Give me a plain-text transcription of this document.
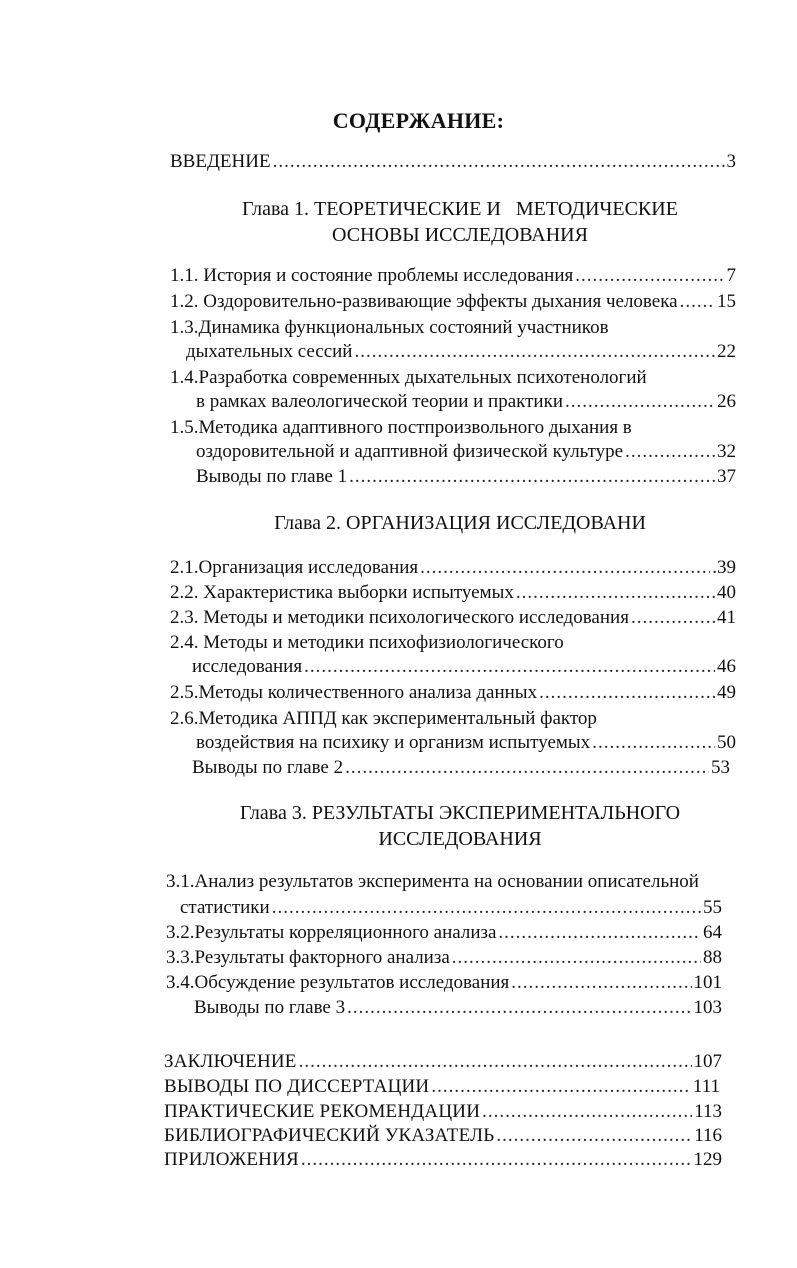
СОДЕРЖАНИЕ:
ВВЕДЕНИЕ .....	3
Глава 1. ТЕОРЕТИЧЕСКИЕ И   МЕТОДИЧЕСКИЕ
ОСНОВЫ ИССЛЕДОВАНИЯ
1.1. История и состояние проблемы исследования .....	7
1.2. Оздоровительно-развивающие эффекты дыхания человека ..... 15
1.3.Динамика функциональных состояний участников
дыхательных сессий .....	22
1.4.Разработка современных дыхательных психотенологий
в рамках валеологической теории и практики .....	26
1.5.Методика адаптивного постпроизвольного дыхания в
оздоровительной и адаптивной физической культуре .....	32
Выводы по главе 1 .....	37
Глава 2. ОРГАНИЗАЦИЯ ИССЛЕДОВАНИ
2.1.Организация исследования .....	.39
2.2. Характеристика выборки испытуемых .....	40
2.3. Методы и методики психологического исследования .....	41
2.4. Методы и методики психофизиологического
исследования .....	46
2.5.Методы количественного анализа данных .....	49
2.6.Методика АППД как экспериментальный фактор
воздействия на психику и организм испытуемых .....	50
Выводы по главе 2 .....	53
Глава 3. РЕЗУЛЬТАТЫ ЭКСПЕРИМЕНТАЛЬНОГО
ИССЛЕДОВАНИЯ
3.1.Анализ результатов эксперимента на основании описательной
статистики .....	55
3.2.Результаты корреляционного анализа .....	64
3.3.Результаты факторного анализа .....	88
3.4.Обсуждение результатов исследования .....	101
Выводы по главе 3 .....	103
ЗАКЛЮЧЕНИЕ .....	107
ВЫВОДЫ ПО ДИССЕРТАЦИИ .....	111
ПРАКТИЧЕСКИЕ РЕКОМЕНДАЦИИ .....	113
БИБЛИОГРАФИЧЕСКИЙ УКАЗАТЕЛЬ .....	116
ПРИЛОЖЕНИЯ .....	129
